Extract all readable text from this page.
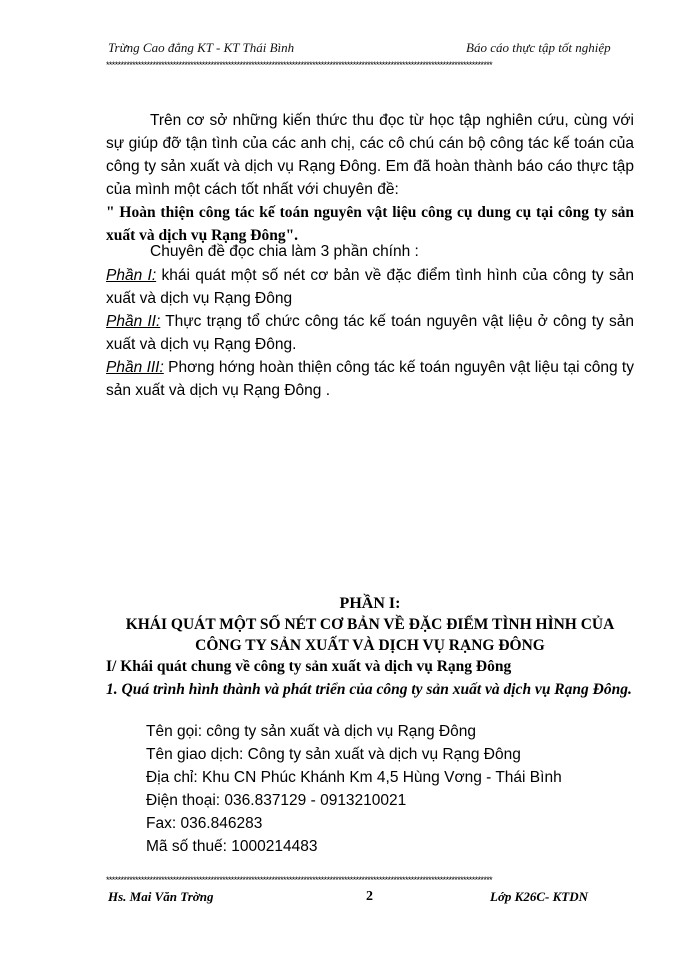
Trừng Cao đẳng KT - KT Thái Bình	Báo cáo thực tập tốt nghiệp
*************************************************************************************************************************************

Trên cơ sở những kiến thức thu đọc từ học tập nghiên cứu, cùng với sự giúp đỡ tận tình của các anh chị, các cô chú cán bộ công tác kế toán của công ty sản xuất và dịch vụ Rạng Đông. Em đã hoàn thành báo cáo thực tập của mình một cách tốt nhất với chuyên đề:

" Hoàn thiện công tác kế toán nguyên vật liệu công cụ dung cụ tại công ty sản xuất và dịch vụ Rạng Đông".

Chuyên đề đọc chia làm 3 phần chính :

Phần I: khái quát một số nét cơ bản về đặc điểm tình hình của công ty sản xuất và dịch vụ Rạng Đông

Phần II: Thực trạng tổ chức công tác kế toán nguyên vật liệu ở công ty sản xuất và dịch vụ Rạng Đông.

Phần III: Phơng hớng hoàn thiện công tác kế toán nguyên vật liệu tại công ty sản xuất và dịch vụ Rạng Đông .

PHẦN I:
KHÁI QUÁT MỘT SỐ NÉT CƠ BẢN VỀ ĐẶC ĐIỂM TÌNH HÌNH CỦA
CÔNG TY SẢN XUẤT VÀ DỊCH VỤ RẠNG ĐÔNG
I/ Khái quát chung về công ty sản xuất và dịch vụ Rạng Đông
1. Quá trình hình thành và phát triển của công ty sản xuất và dịch vụ Rạng Đông.
Tên gọi: công ty sản xuất và dịch vụ Rạng Đông
Tên giao dịch: Công ty sản xuất và dịch vụ Rạng Đông
Địa chỉ: Khu CN Phúc Khánh Km 4,5 Hùng Vơng - Thái Bình
Điện thoại: 036.837129 - 0913210021
Fax: 036.846283
Mã số thuế: 1000214483
*************************************************************************************************************************************
Hs. Mai Văn Trờng	2	Lớp K26C- KTDN
